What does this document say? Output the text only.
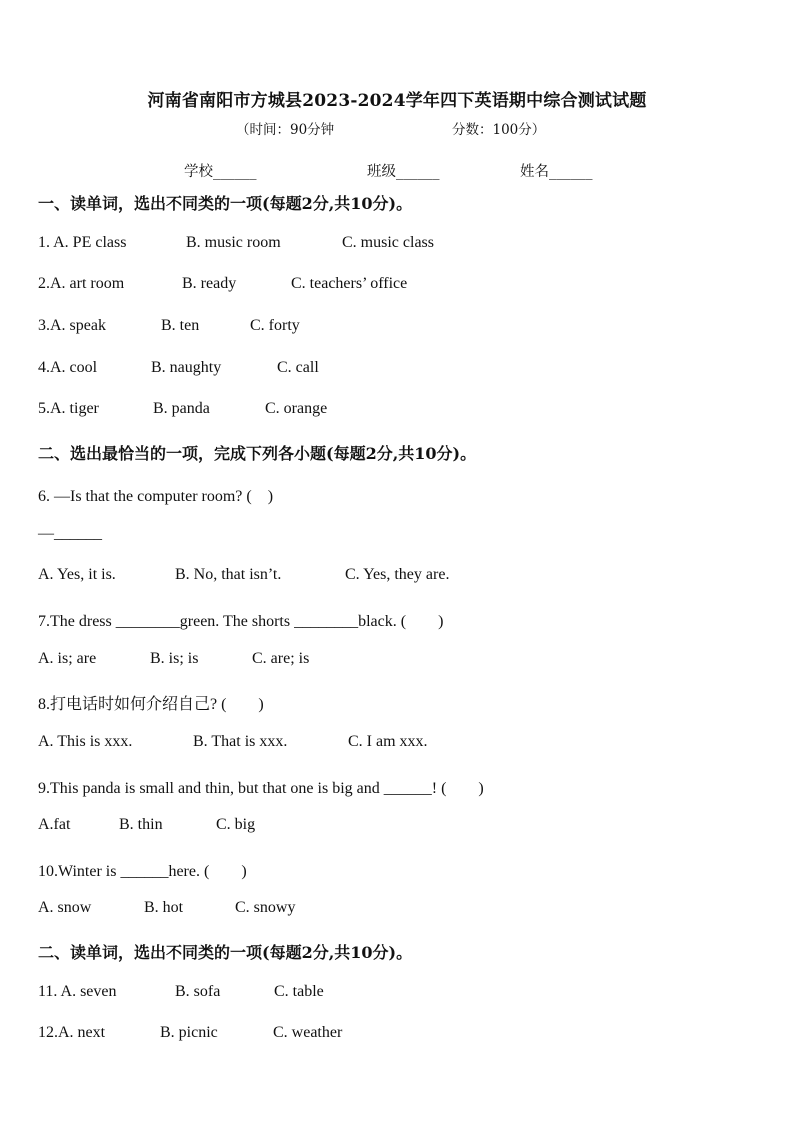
河南省南阳市方城县2023-2024学年四下英语期中综合测试试题
（时间：90分钟	分数：100分）
学校______	班级______	姓名______
一、读单词，选出不同类的一项(每题2分,共10分)。
1. A. PE class	B. music room	C. music class
2.A. art room	B. ready	C. teachers’ office
3.A. speak	B. ten	C. forty
4.A. cool	B. naughty	C. call
5.A. tiger	B. panda	C. orange
二、选出最恰当的一项，完成下列各小题(每题2分,共10分)。
6. —Is that the computer room? (　)
—______
A. Yes, it is.	B. No, that isn’t.	C. Yes, they are.
7.The dress ________green. The shorts ________black. (　　)
A. is; are	B. is; is	C. are; is
8.打电话时如何介绍自己? (　　)
A. This is xxx.	B. That is xxx.	C. I am xxx.
9.This panda is small and thin, but that one is big and ______! (　　)
A.fat	B. thin	C. big
10.Winter is ______here. (　　)
A. snow	B. hot	C. snowy
二、读单词，选出不同类的一项(每题2分,共10分)。
11. A. seven	B. sofa	C. table
12.A. next	B. picnic	C. weather
